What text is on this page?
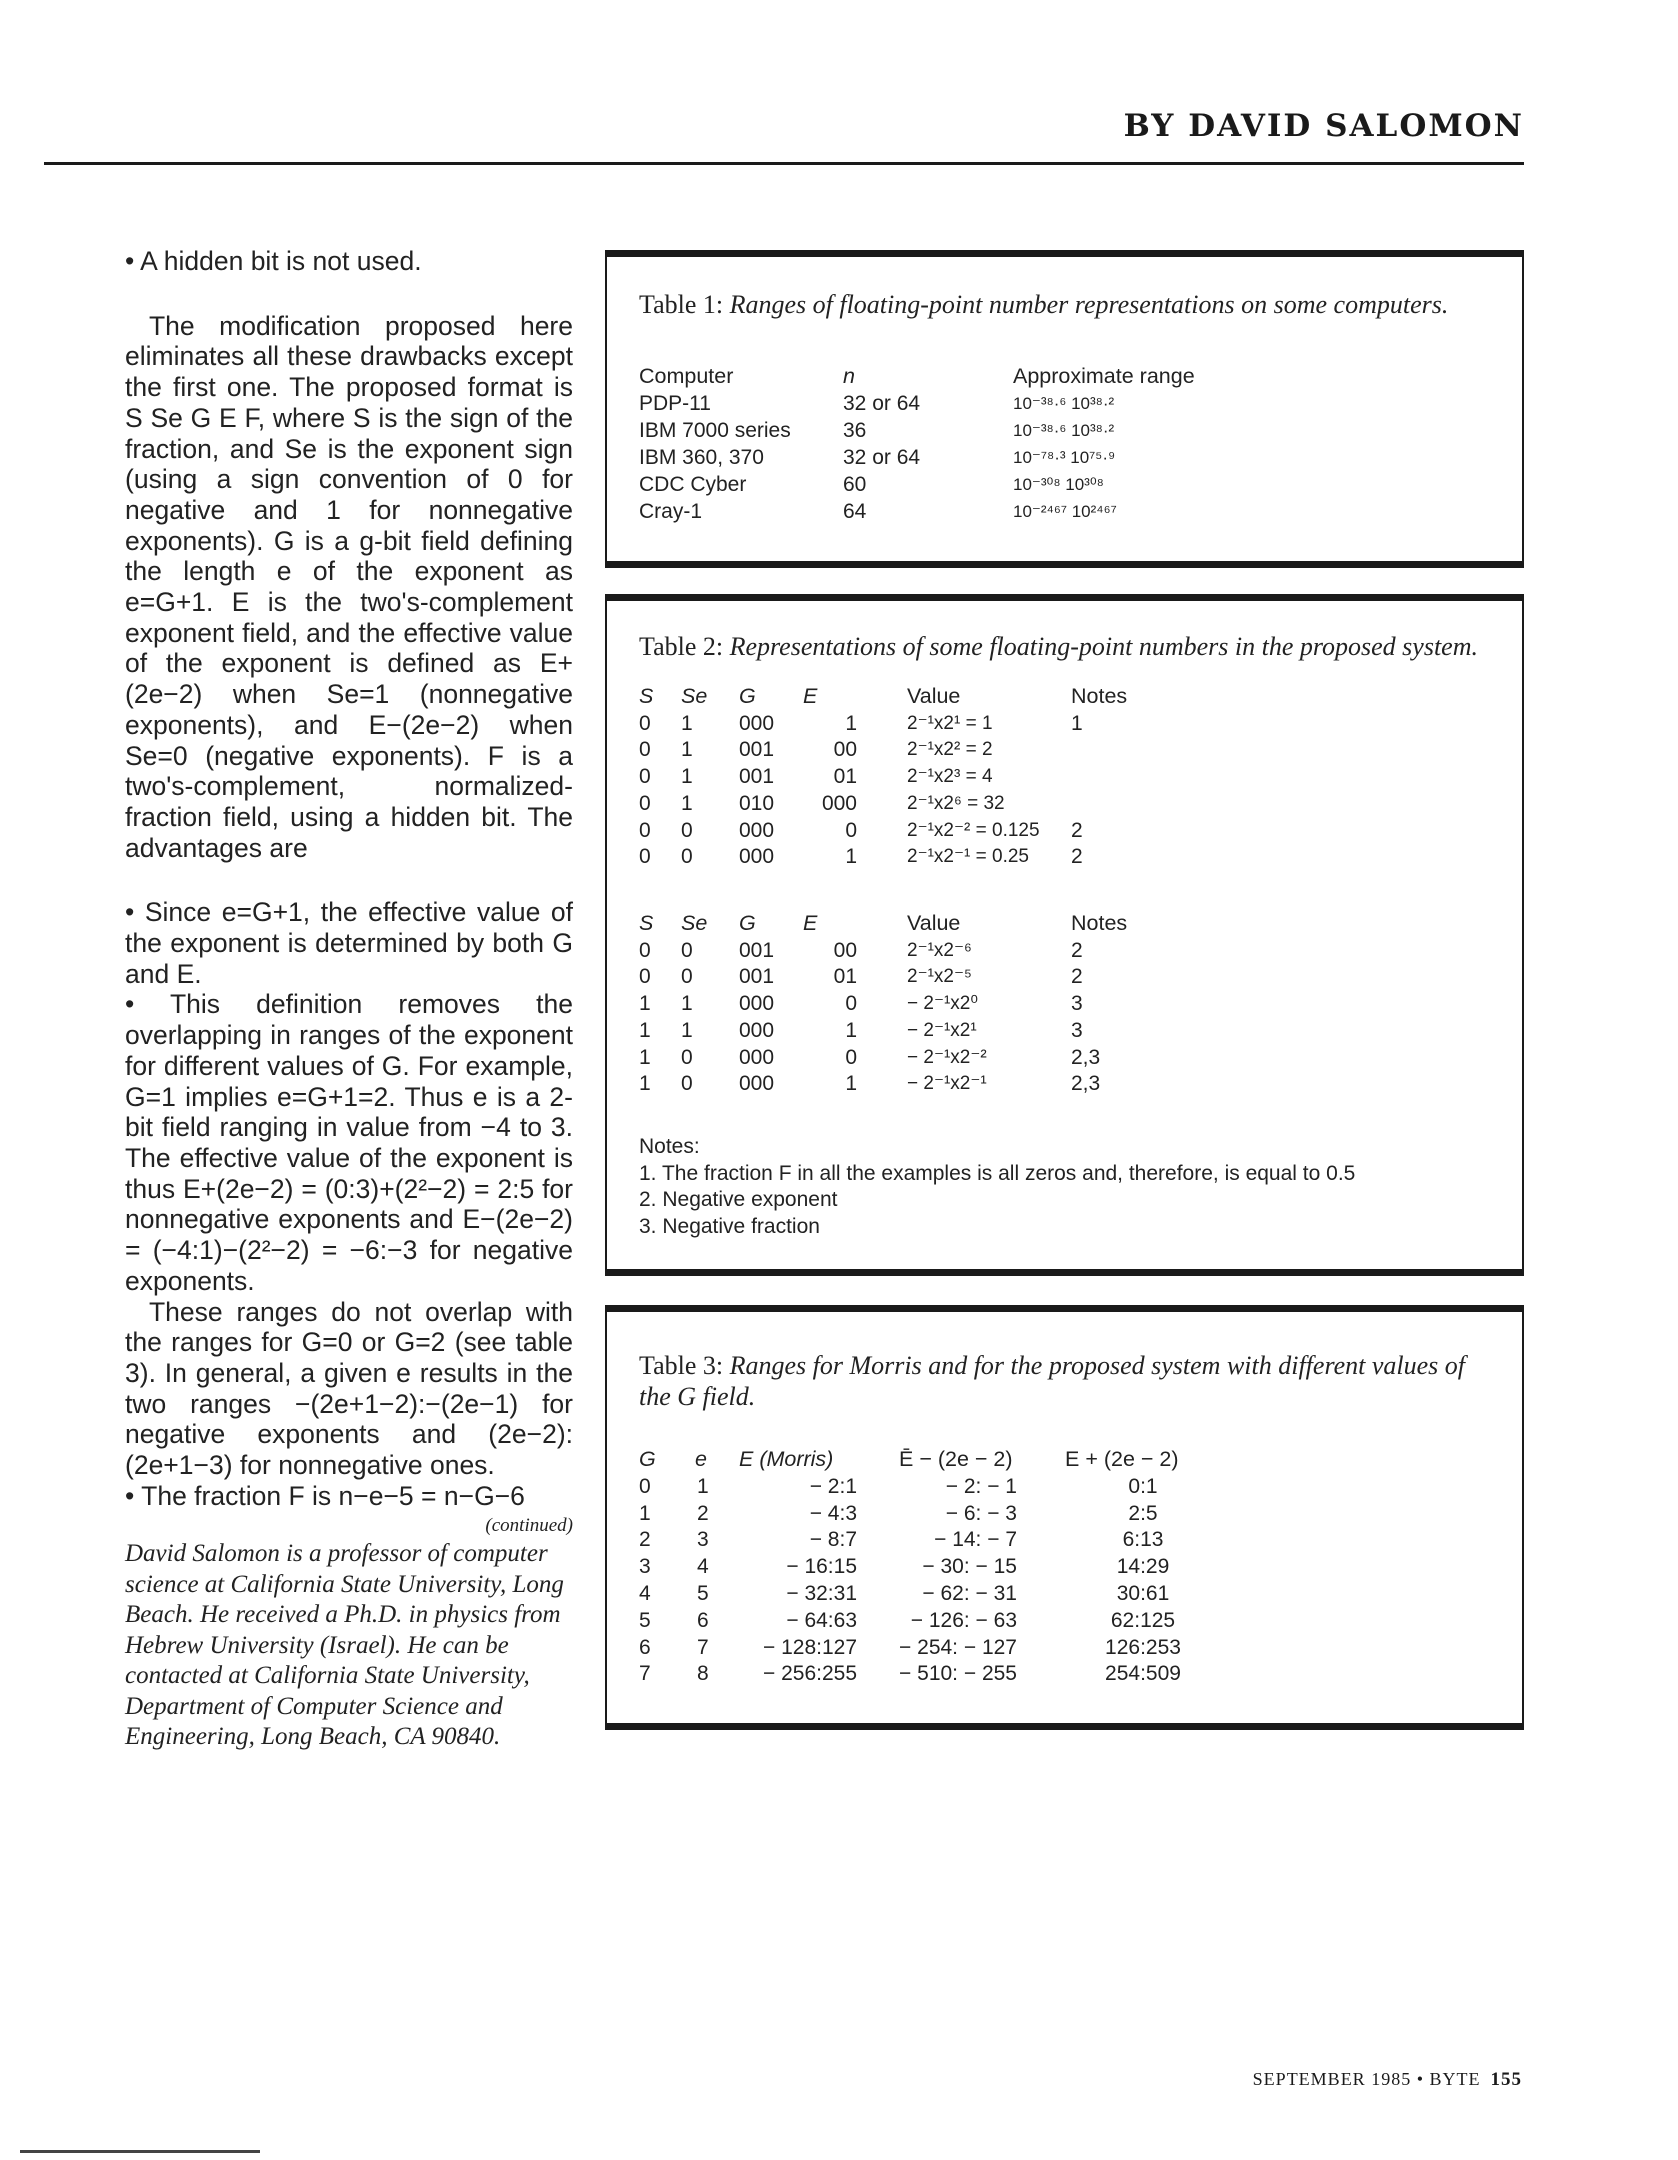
BY DAVID SALOMON

• A hidden bit is not used.

The modification proposed here eliminates all these drawbacks except the first one. The proposed format is S Se G E F, where S is the sign of the fraction, and Se is the exponent sign (using a sign convention of 0 for negative and 1 for nonnegative exponents). G is a g-bit field defining the length e of the exponent as e=G+1. E is the two's-complement exponent field, and the effective value of the exponent is defined as E+(2e−2) when Se=1 (nonnegative exponents), and E−(2e−2) when Se=0 (negative exponents). F is a two's-complement, normalized-fraction field, using a hidden bit. The advantages are

• Since e=G+1, the effective value of the exponent is determined by both G and E.

• This definition removes the overlapping in ranges of the exponent for different values of G. For example, G=1 implies e=G+1=2. Thus e is a 2-bit field ranging in value from −4 to 3. The effective value of the exponent is thus E+(2e−2) = (0:3)+(2²−2) = 2:5 for nonnegative exponents and E−(2e−2) = (−4:1)−(2²−2) = −6:−3 for negative exponents.

These ranges do not overlap with the ranges for G=0 or G=2 (see table 3). In general, a given e results in the two ranges −(2e+1−2):−(2e−1) for negative exponents and (2e−2):(2e+1−3) for nonnegative ones.

• The fraction F is n−e−5 = n−G−6

(continued)

David Salomon is a professor of computer science at California State University, Long Beach. He received a Ph.D. in physics from Hebrew University (Israel). He can be contacted at California State University, Department of Computer Science and Engineering, Long Beach, CA 90840.

Table 1: Ranges of floating-point number representations on some computers.
Computer	n	Approximate range
PDP-11	32 or 64	10⁻³⁸·⁶ 10³⁸·²
IBM 7000 series 36	10⁻³⁸·⁶ 10³⁸·²
IBM 360, 370	32 or 64	10⁻⁷⁸·³ 10⁷⁵·⁹
CDC Cyber	60	10⁻³⁰⁸ 10³⁰⁸
Cray-1	64	10⁻²⁴⁶⁷ 10²⁴⁶⁷
Table 2: Representations of some floating-point numbers in the proposed system.
Notes:
1. The fraction F in all the examples is all zeros and, therefore, is equal to 0.5
2. Negative exponent
3. Negative fraction
S Se G E	Value	Notes
0 1 000	1	2⁻¹x2¹ = 1	1
0 1 001	00	2⁻¹x2² = 2
0 1 001	01	2⁻¹x2³ = 4
0 1 010 000	2⁻¹x2⁶ = 32
0 0 000	0	2⁻¹x2⁻² = 0.125 2
0 0 000	1	2⁻¹x2⁻¹ = 0.25 2
S Se G E	Value	Notes
0 0 001	00	2⁻¹x2⁻⁶	2
0 0 001	01	2⁻¹x2⁻⁵	2
1 1 000	0	− 2⁻¹x2⁰	3
1 1 000	1	− 2⁻¹x2¹	3
1 0 000	0	− 2⁻¹x2⁻²	2,3
1 0 000	1	− 2⁻¹x2⁻¹	2,3
Table 3: Ranges for Morris and for the proposed system with different values of the G field.
G e E (Morris)	Ē − (2e − 2) E + (2e − 2)
0 1	− 2:1	− 2: − 1	0:1
1 2	− 4:3	− 6: − 3	2:5
2 3	− 8:7	− 14: − 7	6:13
3 4	− 16:15	− 30: − 15	14:29
4 5	− 32:31	− 62: − 31	30:61
5 6	− 64:63	− 126: − 63	62:125
6 7	− 128:127 − 254: − 127	126:253
7 8	− 256:255 − 510: − 255	254:509
SEPTEMBER 1985 • BYTE 155
